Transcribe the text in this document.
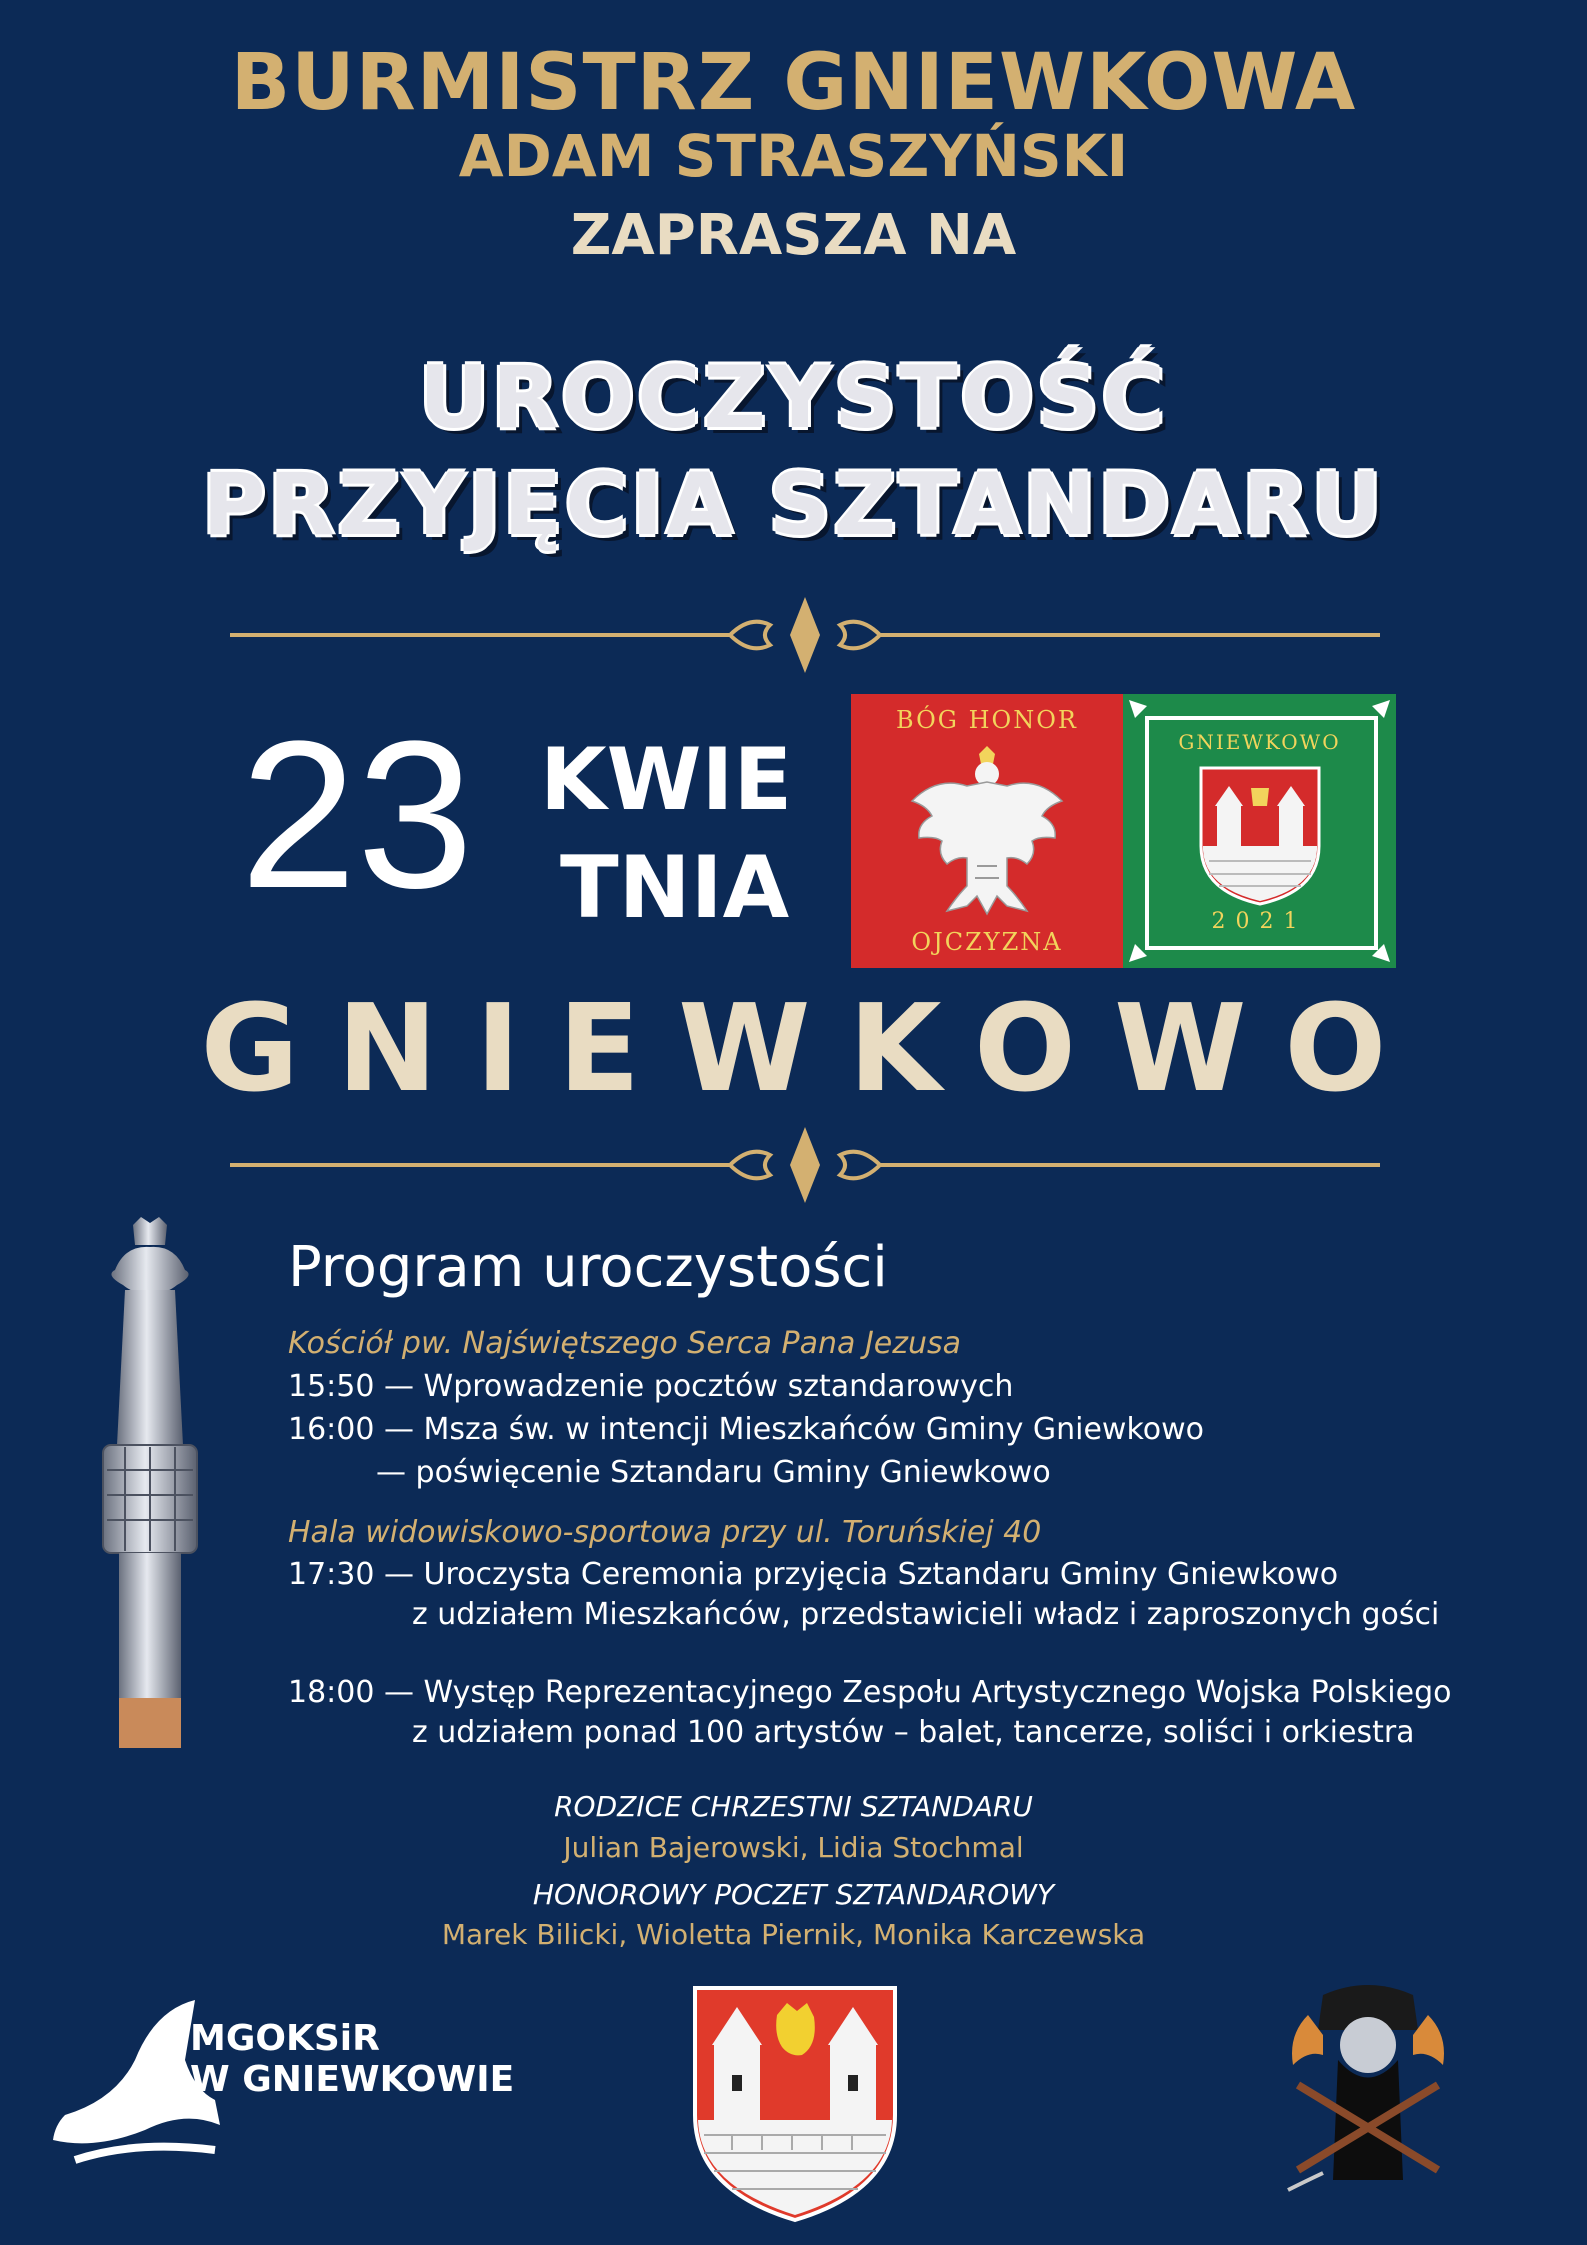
BURMISTRZ GNIEWKOWA
ADAM STRASZYŃSKI
ZAPRASZA NA
UROCZYSTOŚĆ
PRZYJĘCIA SZTANDARU
23 KWIE
TNIA
BÓG HONOR
OJCZYZNA
GNIEWKOWO
2021
GNIEWKOWO
Program uroczystości
Kościół pw. Najświętszego Serca Pana Jezusa
15:50 — Wprowadzenie pocztów sztandarowych
16:00 — Msza św. w intencji Mieszkańców Gminy Gniewkowo
— poświęcenie Sztandaru Gminy Gniewkowo
Hala widowiskowo-sportowa przy ul. Toruńskiej 40
17:30 — Uroczysta Ceremonia przyjęcia Sztandaru Gminy Gniewkowo
z udziałem Mieszkańców, przedstawicieli władz i zaproszonych gości
18:00 — Występ Reprezentacyjnego Zespołu Artystycznego Wojska Polskiego
z udziałem ponad 100 artystów – balet, tancerze, soliści i orkiestra
RODZICE CHRZESTNI SZTANDARU
Julian Bajerowski, Lidia Stochmal
HONOROWY POCZET SZTANDAROWY
Marek Bilicki, Wioletta Piernik, Monika Karczewska
MGOKSiR
W GNIEWKOWIE
